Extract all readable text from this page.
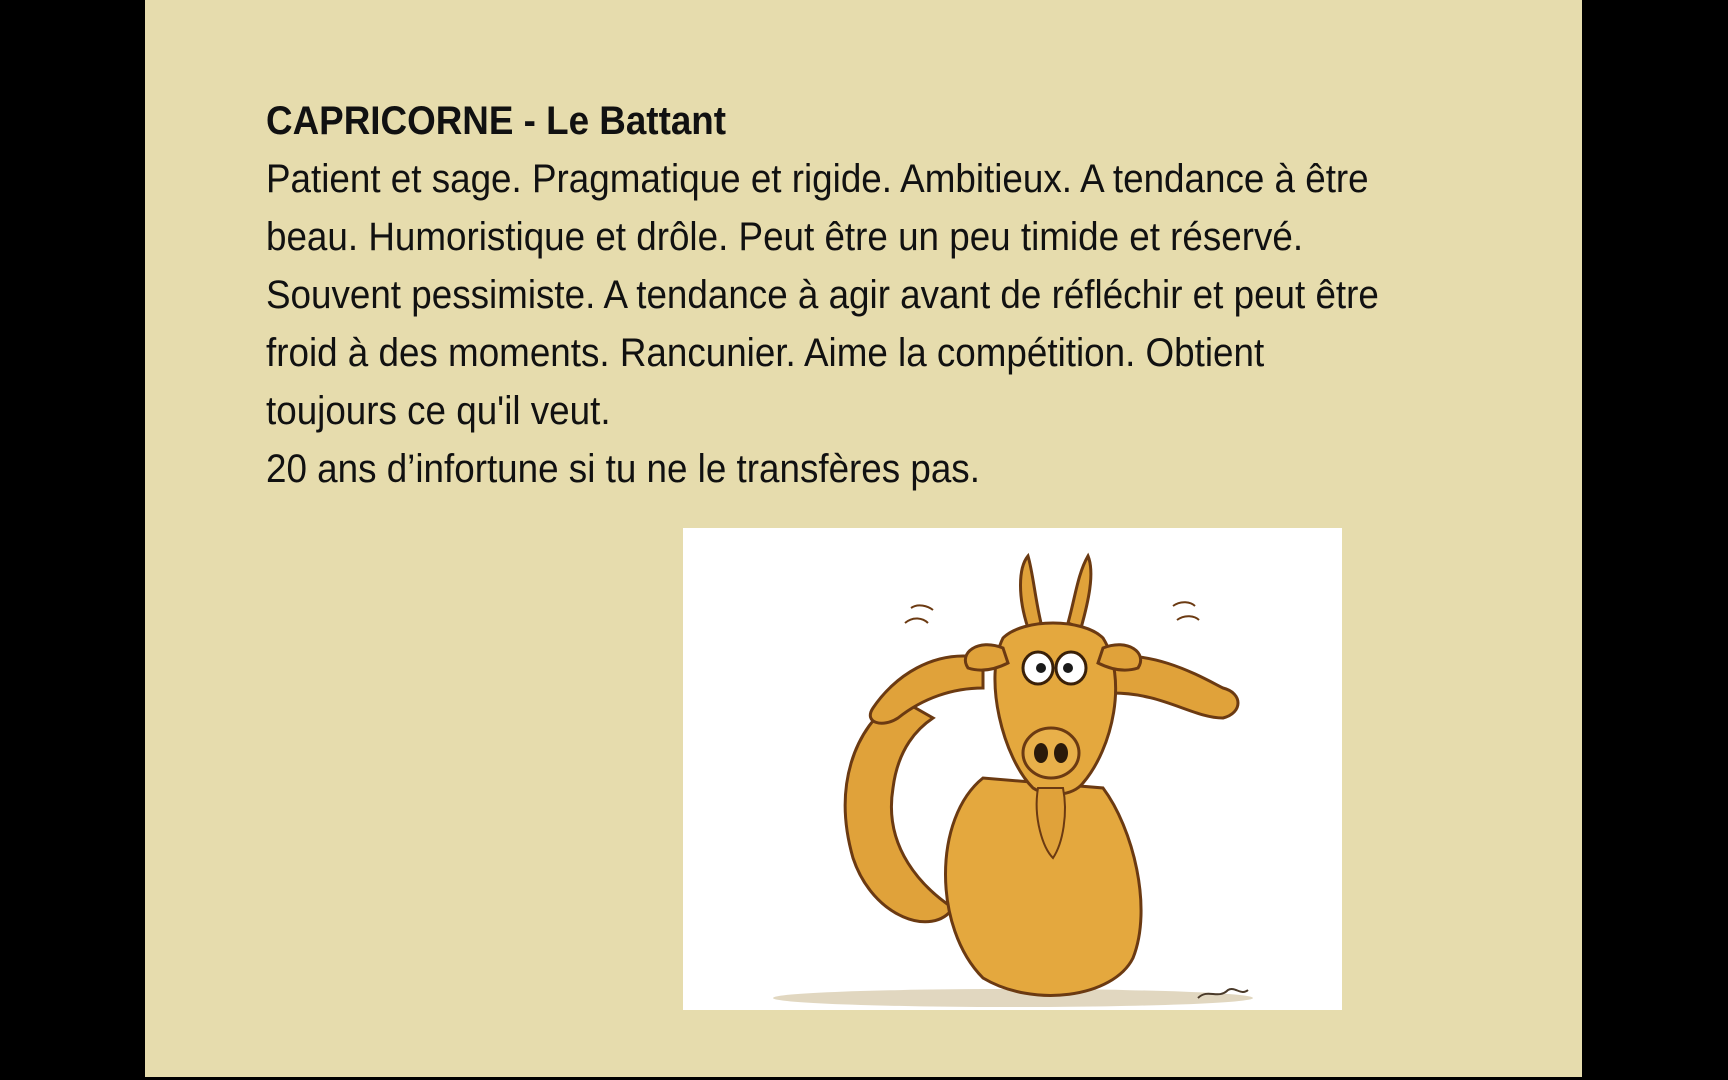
CAPRICORNE - Le Battant
Patient et sage. Pragmatique et rigide. Ambitieux. A tendance à être beau. Humoristique et drôle. Peut être un peu timide et réservé. Souvent pessimiste. A tendance à agir avant de réfléchir et peut être froid à des moments. Rancunier. Aime la compétition. Obtient toujours ce qu'il veut.
20 ans d’infortune si tu ne le transfères pas.
